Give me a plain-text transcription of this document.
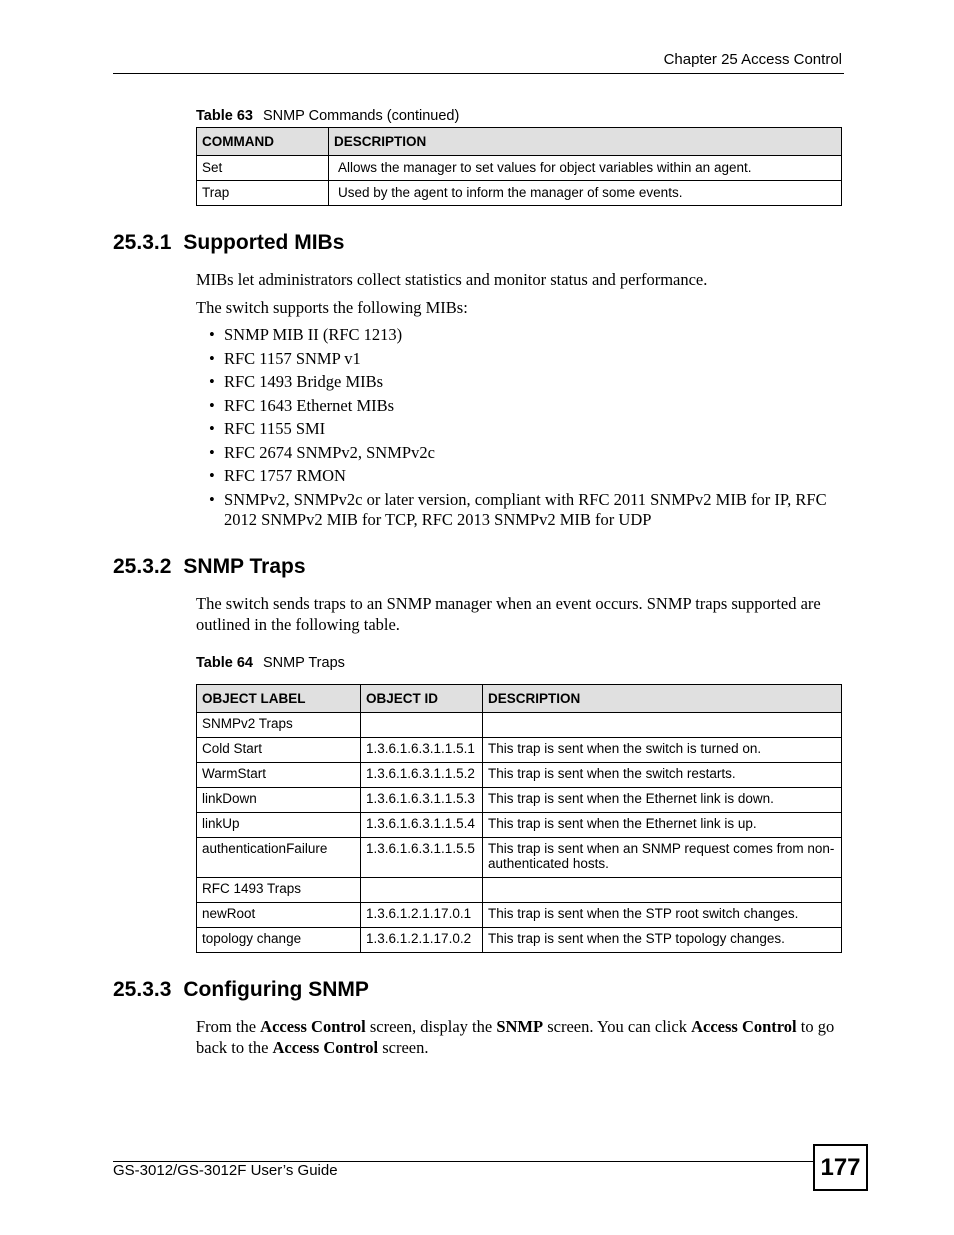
Chapter 25 Access Control
Table 63 SNMP Commands (continued)
COMMAND	DESCRIPTION
Set	Allows the manager to set values for object variables within an agent.
Trap	Used by the agent to inform the manager of some events.
25.3.1 Supported MIBs

MIBs let administrators collect statistics and monitor status and performance.

The switch supports the following MIBs:

• SNMP MIB II (RFC 1213)
• RFC 1157 SNMP v1
• RFC 1493 Bridge MIBs
• RFC 1643 Ethernet MIBs
• RFC 1155 SMI
• RFC 2674 SNMPv2, SNMPv2c
• RFC 1757 RMON
• SNMPv2, SNMPv2c or later version, compliant with RFC 2011 SNMPv2 MIB for IP, RFC 2012 SNMPv2 MIB for TCP, RFC 2013 SNMPv2 MIB for UDP
25.3.2 SNMP Traps

The switch sends traps to an SNMP manager when an event occurs. SNMP traps supported are outlined in the following table.

Table 64 SNMP Traps
OBJECT LABEL	OBJECT ID	DESCRIPTION
SNMPv2 Traps		
Cold Start	1.3.6.1.6.3.1.1.5.1	This trap is sent when the switch is turned on.
WarmStart	1.3.6.1.6.3.1.1.5.2	This trap is sent when the switch restarts.
linkDown	1.3.6.1.6.3.1.1.5.3	This trap is sent when the Ethernet link is down.
linkUp	1.3.6.1.6.3.1.1.5.4	This trap is sent when the Ethernet link is up.
authenticationFailure	1.3.6.1.6.3.1.1.5.5	This trap is sent when an SNMP request comes from non-authenticated hosts.
RFC 1493 Traps		
newRoot	1.3.6.1.2.1.17.0.1	This trap is sent when the STP root switch changes.
topology change	1.3.6.1.2.1.17.0.2	This trap is sent when the STP topology changes.
25.3.3 Configuring SNMP

From the Access Control screen, display the SNMP screen. You can click Access Control to go back to the Access Control screen.

GS-3012/GS-3012F User’s Guide	177
